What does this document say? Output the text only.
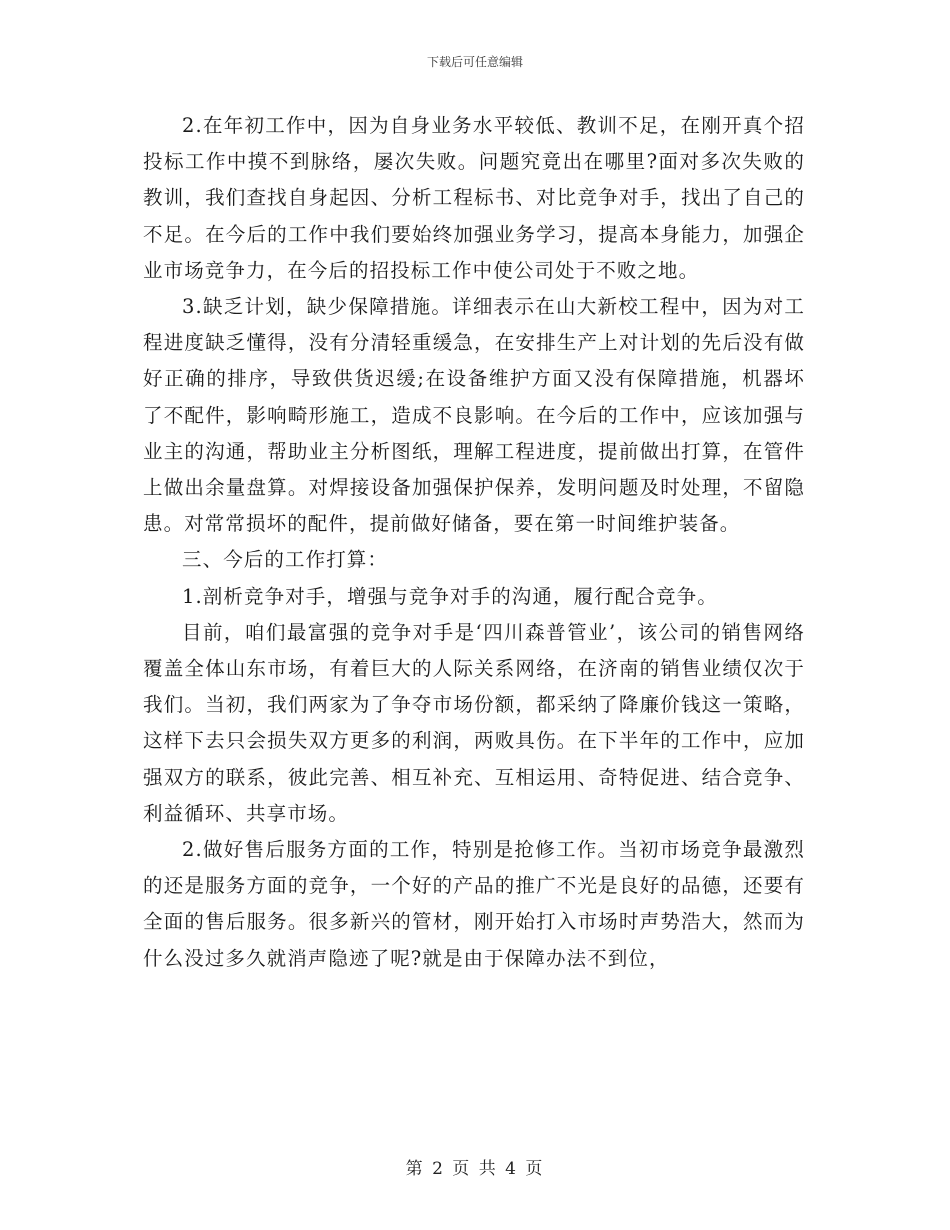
下载后可任意编辑

2.在年初工作中，因为自身业务水平较低、教训不足，在刚开真个招投标工作中摸不到脉络，屡次失败。问题究竟出在哪里?面对多次失败的教训，我们查找自身起因、分析工程标书、对比竞争对手，找出了自己的不足。在今后的工作中我们要始终加强业务学习，提高本身能力，加强企业市场竞争力，在今后的招投标工作中使公司处于不败之地。

3.缺乏计划，缺少保障措施。详细表示在山大新校工程中，因为对工程进度缺乏懂得，没有分清轻重缓急，在安排生产上对计划的先后没有做好正确的排序，导致供货迟缓;在设备维护方面又没有保障措施，机器坏了不配件，影响畸形施工，造成不良影响。在今后的工作中，应该加强与业主的沟通，帮助业主分析图纸，理解工程进度，提前做出打算，在管件上做出余量盘算。对焊接设备加强保护保养，发明问题及时处理，不留隐患。对常常损坏的配件，提前做好储备，要在第一时间维护装备。

三、今后的工作打算：

1.剖析竞争对手，增强与竞争对手的沟通，履行配合竞争。

目前，咱们最富强的竞争对手是‘四川森普管业’，该公司的销售网络覆盖全体山东市场，有着巨大的人际关系网络，在济南的销售业绩仅次于我们。当初，我们两家为了争夺市场份额，都采纳了降廉价钱这一策略，这样下去只会损失双方更多的利润，两败具伤。在下半年的工作中，应加强双方的联系，彼此完善、相互补充、互相运用、奇特促进、结合竞争、利益循环、共享市场。

2.做好售后服务方面的工作，特别是抢修工作。当初市场竞争最激烈的还是服务方面的竞争，一个好的产品的推广不光是良好的品德，还要有全面的售后服务。很多新兴的管材，刚开始打入市场时声势浩大，然而为什么没过多久就消声隐迹了呢?就是由于保障办法不到位，

第 2 页 共 4 页
